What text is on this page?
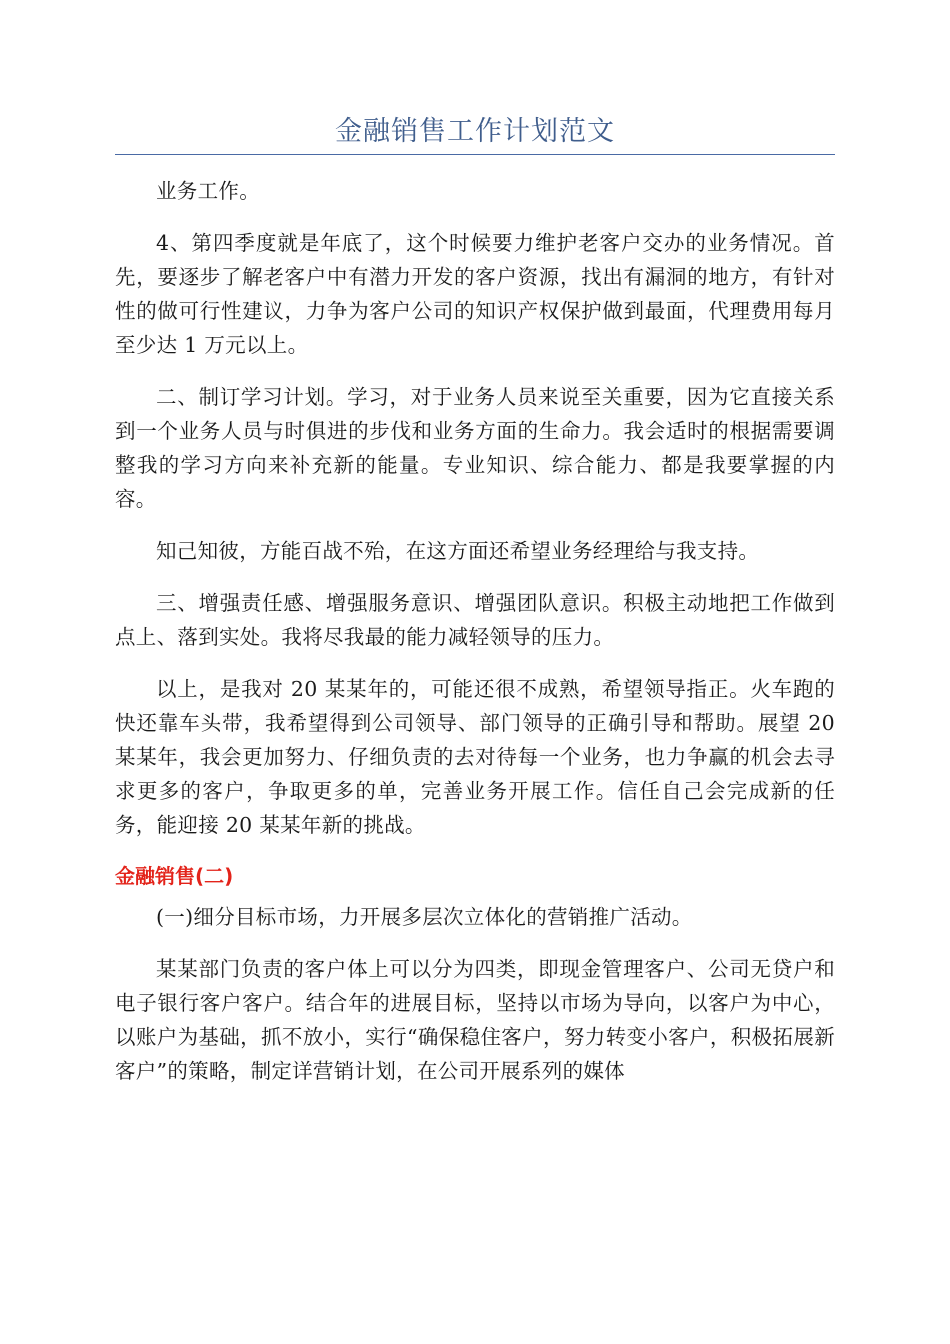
金融销售工作计划范文

业务工作。

4、第四季度就是年底了，这个时候要力维护老客户交办的业务情况。首先，要逐步了解老客户中有潜力开发的客户资源，找出有漏洞的地方，有针对性的做可行性建议，力争为客户公司的知识产权保护做到最面，代理费用每月至少达 1 万元以上。

二、制订学习计划。学习，对于业务人员来说至关重要，因为它直接关系到一个业务人员与时俱进的步伐和业务方面的生命力。我会适时的根据需要调整我的学习方向来补充新的能量。专业知识、综合能力、都是我要掌握的内容。

知己知彼，方能百战不殆，在这方面还希望业务经理给与我支持。

三、增强责任感、增强服务意识、增强团队意识。积极主动地把工作做到点上、落到实处。我将尽我最的能力减轻领导的压力。

以上，是我对 20 某某年的，可能还很不成熟，希望领导指正。火车跑的快还靠车头带，我希望得到公司领导、部门领导的正确引导和帮助。展望 20 某某年，我会更加努力、仔细负责的去对待每一个业务，也力争赢的机会去寻求更多的客户，争取更多的单，完善业务开展工作。信任自己会完成新的任务，能迎接 20 某某年新的挑战。

金融销售(二)

(一)细分目标市场，力开展多层次立体化的营销推广活动。

某某部门负责的客户体上可以分为四类，即现金管理客户、公司无贷户和电子银行客户客户。结合年的进展目标，坚持以市场为导向，以客户为中心，以账户为基础，抓不放小，实行“确保稳住客户，努力转变小客户，积极拓展新客户”的策略，制定详营销计划，在公司开展系列的媒体
